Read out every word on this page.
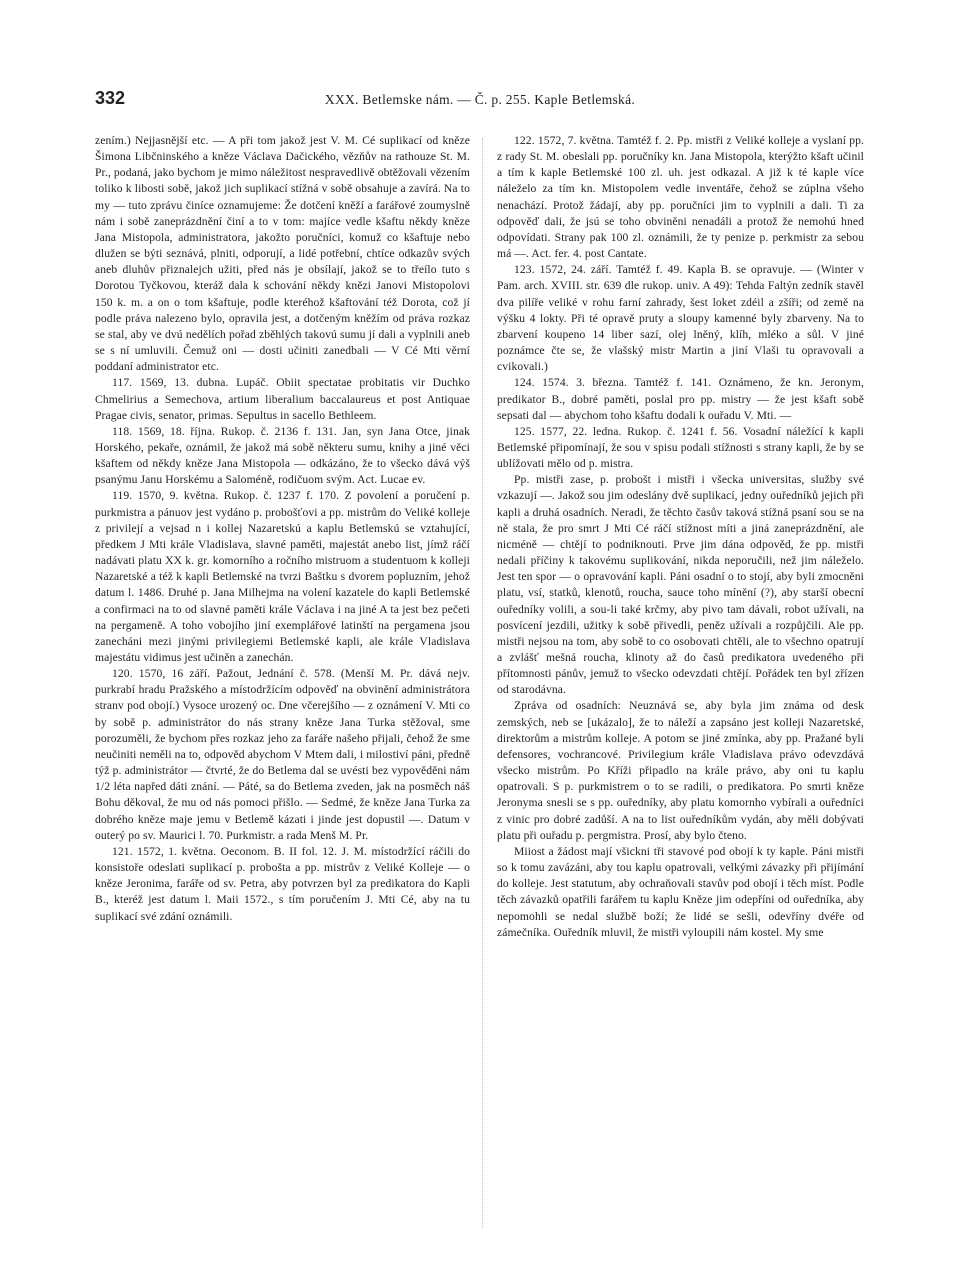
332	XXX. Betlemske nám. — Č. p. 255. Kaple Betlemská.

zením.) Nejjasnější etc. — A při tom jakož jest V. M. Cé suplikací od kněze Šimona Libčninského a kněze Václava Dačického, vězňův na rathouze St. M. Pr., podaná, jako bychom je mimo náležitost nespravedlivě obtěžovali vězením toliko k libosti sobě, jakož jich suplikací stížná v sobě obsahuje a zavírá. Na to my — tuto zprávu činíce oznamujeme: Že dotčení kněží a farářové zoumyslně nám i sobě zaneprázdnění činí a to v tom: majíce vedle kšaftu někdy kněze Jana Mistopola, administratora, jakožto poručníci, komuž co kšaftuje nebo dlužen se býti seznává, plniti, odporují, a lidé potřební, chtíce odkazův svých aneb dluhův přiznalejch užiti, před nás je obsílají, jakož se to třeílo tuto s Dorotou Tyčkovou, kteráž dala k schování někdy knězi Janovi Mistopolovi 150 k. m. a on o tom kšaftuje, podle kteréhož kšaftování též Dorota, což jí podle práva nalezeno bylo, opravila jest, a dotčeným kněžím od práva rozkaz se stal, aby ve dvú nedělích pořad zběhlých takovú sumu jí dali a vyplnili aneb se s ní umluvili. Čemuž oni — dosti učiniti zanedbali — V Cé Mti věrní poddaní administrator etc.

117. 1569, 13. dubna. Lupáč. Obiit spectatae probitatis vir Duchko Chmelirius a Semechova, artium liberalium baccalaureus et post Antiquae Pragae civis, senator, primas. Sepultus in sacello Bethleem.

118. 1569, 18. října. Rukop. č. 2136 f. 131. Jan, syn Jana Otce, jinak Horského, pekaře, oznámil, že jakož má sobě některu sumu, knihy a jiné věci kšaftem od někdy kněze Jana Mistopola — odkázáno, že to všecko dává výš psanýmu Janu Horskému a Saloméně, rodičuom svým. Act. Lucae ev.

119. 1570, 9. května. Rukop. č. 1237 f. 170. Z povolení a poručení p. purkmistra a pánuov jest vydáno p. probošťovi a pp. mistrům do Veliké kolleje z privilejí a vejsad n i kollej Nazaretskú a kaplu Betlemskú se vztahující, předkem J Mti krále Vladislava, slavné paměti, majestát anebo list, jímž ráčí nadávati platu XX k. gr. komorního a ročního mistruom a studentuom k kolleji Nazaretské a též k kapli Betlemské na tvrzi Baštku s dvorem popluzním, jehož datum l. 1486. Druhé p. Jana Milhejma na volení kazatele do kapli Betlemské a confirmaci na to od slavné paměti krále Václava i na jiné A ta jest bez pečeti na pergameně. A toho vobojího jiní exemplářové latinští na pergamena jsou zanecháni mezi jinými privilegiemi Betlemské kapli, ale krále Vladislava majestátu vidimus jest učiněn a zanechán.

120. 1570, 16 září. Pažout, Jednání č. 578. (Menší M. Pr. dává nejv. purkrabí hradu Pražského a místodržícím odpověď na obvinění administrátora stranv pod obojí.) Vysoce urozený oc. Dne včerejšího — z oznámení V. Mti co by sobě p. administrátor do nás strany kněze Jana Turka stěžoval, sme porozuměli, že bychom přes rozkaz jeho za faráře našeho přijali, čehož že sme neučiniti neměli na to, odpověd abychom V Mtem dali, i milostiví páni, předně týž p. administrátor — čtvrté, že do Betlema dal se uvésti bez vypověděni nám 1/2 léta napřed dáti znání. — Páté, sa do Betlema zveden, jak na posměch náš Bohu děkoval, že mu od nás pomoci přišlo. — Sedmé, že kněze Jana Turka za dobrého kněze maje jemu v Betlemě kázati i jinde jest dopustil —. Datum v outerý po sv. Maurici l. 70. Purkmistr. a rada Menš M. Pr.

121. 1572, 1. května. Oeconom. B. II fol. 12. J. M. místodržící ráčili do konsistoře odeslati suplikací p. probošta a pp. mistrův z Veliké Kolleje — o kněze Jeronima, faráře od sv. Petra, aby potvrzen byl za predikatora do Kapli B., kteréž jest datum l. Maii 1572., s tím poručením J. Mti Cé, aby na tu suplikací své zdání oznámili.

122. 1572, 7. května. Tamtéž f. 2. Pp. mistři z Veliké kolleje a vyslaní pp. z rady St. M. obeslali pp. poručníky kn. Jana Mistopola, kterýžto kšaft učinil a tím k kaple Betlemské 100 zl. uh. jest odkazal. A již k té kaple více náleželo za tím kn. Mistopolem vedle inventáře, čehož se zúplna všeho nenachází. Protož žádají, aby pp. poručníci jim to vyplnili a dali. Ti za odpověď dali, že jsú se toho obviněni nenadáli a protož že nemohú hned odpovídati. Strany pak 100 zl. oznámili, že ty penize p. perkmistr za sebou má —. Act. fer. 4. post Cantate.

123. 1572, 24. září. Tamtéž f. 49. Kapla B. se opravuje. — (Winter v Pam. arch. XVIII. str. 639 dle rukop. univ. A 49): Tehda Faltýn zedník stavěl dva pilíře veliké v rohu farní zahrady, šest loket zdéil a zšíři; od země na výšku 4 lokty. Při té opravě pruty a sloupy kamenné byly zbarveny. Na to zbarvení koupeno 14 liber sazí, olej lněný, klíh, mléko a sůl. V jiné poznámce čte se, že vlašský mistr Martin a jiní Vlaši tu opravovali a cvikovali.)

124. 1574. 3. března. Tamtéž f. 141. Oznámeno, že kn. Jeronym, predikator B., dobré paměti, poslal pro pp. mistry — že jest kšaft sobě sepsati dal — abychom toho kšaftu dodali k ouřadu V. Mti. —

125. 1577, 22. ledna. Rukop. č. 1241 f. 56. Vosadní náležící k kapli Betlemské připomínají, že sou v spisu podali stížnosti s strany kapli, že by se ublížovati mělo od p. mistra.

Pp. mistři zase, p. probošt i mistři i všecka universitas, služby své vzkazují —. Jakož sou jim odeslány dvě suplikací, jedny ouředníků jejich při kapli a druhá osadních. Neradi, že těchto časův taková stížná psaní sou se na ně stala, že pro smrt J Mti Cé ráčí stížnost míti a jiná zaneprázdnění, ale nicméně — chtějí to podniknouti. Prve jim dána odpověd, že pp. mistři nedali příčiny k takovému suplikování, nikda neporučili, než jim náleželo. Jest ten spor — o opravování kapli. Páni osadní o to stojí, aby byli zmocněni platu, vsí, statků, klenotů, roucha, sauce toho mínění (?), aby starší obecní ouředníky volili, a sou-li také krčmy, aby pivo tam dávali, robot užívali, na posvícení jezdili, užitky k sobě přivedli, peněz užívali a rozpůjčili. Ale pp. mistři nejsou na tom, aby sobě to co osobovati chtěli, ale to všechno opatrují a zvlášť mešná roucha, klinoty až do časů predikatora uvedeného při přítomnosti pánův, jemuž to všecko odevzdati chtějí. Pořádek ten byl zřízen od starodávna.

Zpráva od osadních: Neuznává se, aby byla jim známa od desk zemských, neb se [ukázalo], že to náleží a zapsáno jest kolleji Nazaretské, direktorům a mistrům kolleje. A potom se jiné zmínka, aby pp. Pražané byli defensores, vochrancové. Privilegium krále Vladislava právo odevzdává všecko mistrům. Po Kříži připadlo na krále právo, aby oni tu kaplu opatrovali. S p. purkmistrem o to se radili, o predikatora. Po smrti kněze Jeronyma snesli se s pp. ouředníky, aby platu komornho vybírali a ouředníci z vinic pro dobré zadůší. A na to list ouředníkům vydán, aby měli dobývati platu při ouřadu p. pergmistra. Prosí, aby bylo čteno.

Miiost a žádost mají všickni tři stavové pod obojí k ty kaple. Páni mistři so k tomu zavázáni, aby tou kaplu opatrovali, velkými závazky při přijímání do kolleje. Jest statutum, aby ochraňovali stavův pod obojí i těch míst. Podle těch závazků opatřili farářem tu kaplu Kněze jim odepříni od ouředníka, aby nepomohli se nedal službě boží; že lidé se sešli, odevříny dvéře od zámečníka. Ouředník mluvil, že mistři vyloupili nám kostel. My sme
